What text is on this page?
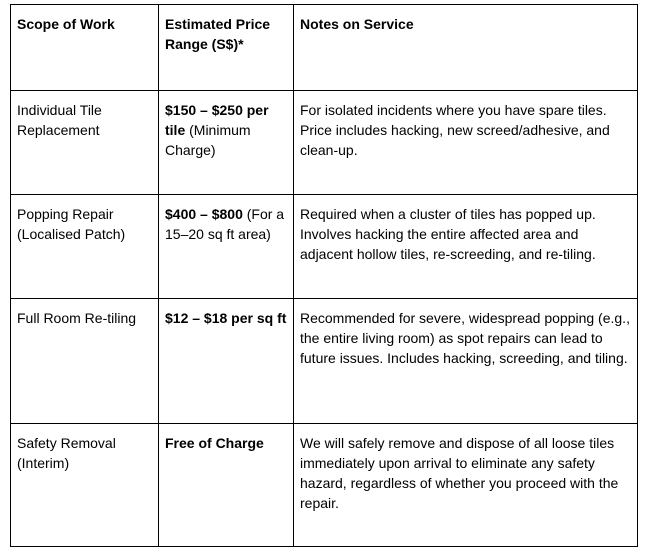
Scope of Work	Estimated Price Range (S$)*	Notes on Service
Individual Tile Replacement	$150 – $250 per tile (Minimum Charge)	For isolated incidents where you have spare tiles. Price includes hacking, new screed/adhesive, and clean-up.
Popping Repair (Localised Patch)	$400 – $800 (For a 15–20 sq ft area)	Required when a cluster of tiles has popped up. Involves hacking the entire affected area and adjacent hollow tiles, re-screeding, and re-tiling.
Full Room Re-tiling	$12 – $18 per sq ft	Recommended for severe, widespread popping (e.g., the entire living room) as spot repairs can lead to future issues. Includes hacking, screeding, and tiling.
Safety Removal (Interim)	Free of Charge	We will safely remove and dispose of all loose tiles immediately upon arrival to eliminate any safety hazard, regardless of whether you proceed with the repair.
